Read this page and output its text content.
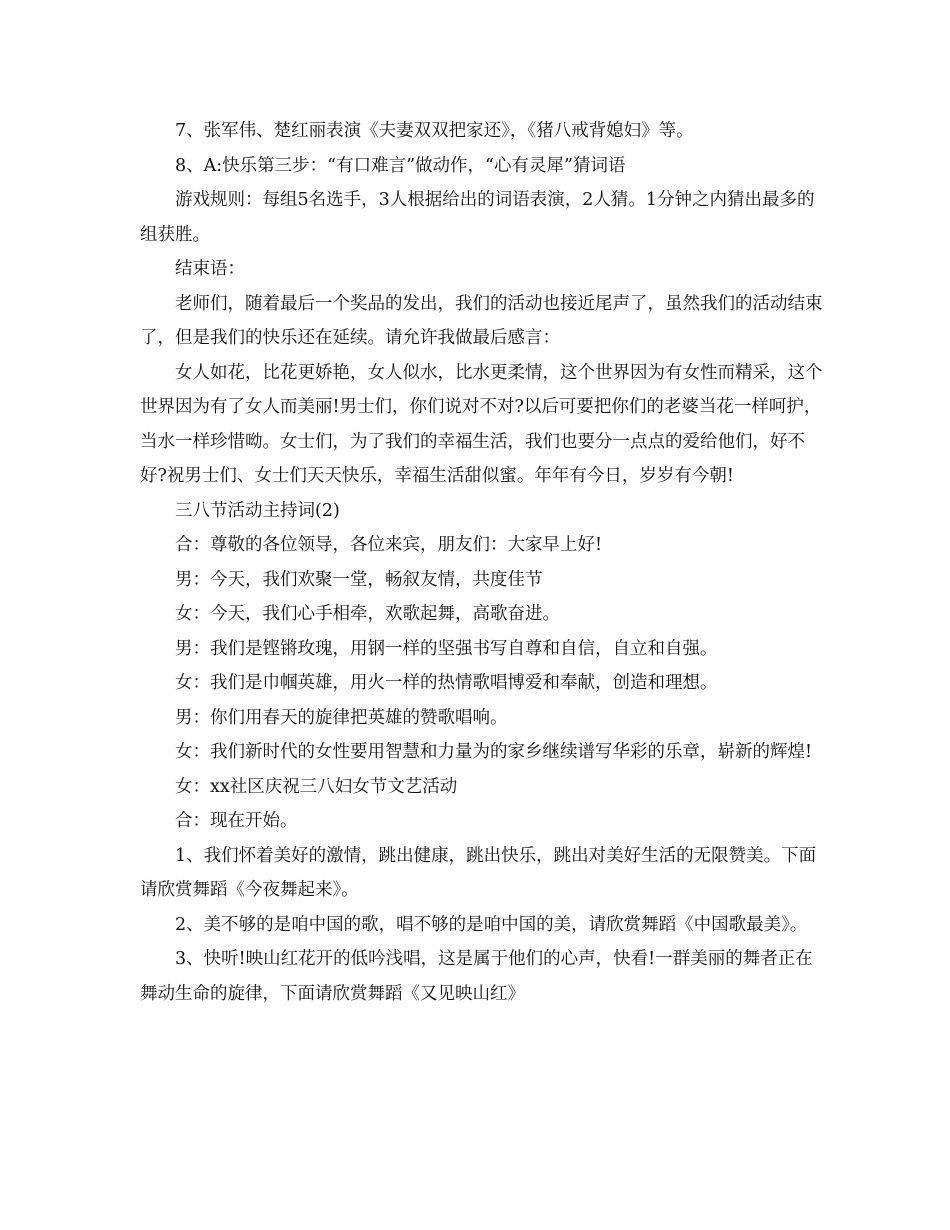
7、张军伟、楚红丽表演《夫妻双双把家还》，《猪八戒背媳妇》等。

8、A:快乐第三步：“有口难言”做动作，“心有灵犀”猜词语

游戏规则：每组5名选手，3人根据给出的词语表演，2人猜。1分钟之内猜出最多的组获胜。

结束语：

老师们，随着最后一个奖品的发出，我们的活动也接近尾声了，虽然我们的活动结束了，但是我们的快乐还在延续。请允许我做最后感言：

女人如花，比花更娇艳，女人似水，比水更柔情，这个世界因为有女性而精采，这个世界因为有了女人而美丽!男士们，你们说对不对?以后可要把你们的老婆当花一样呵护，当水一样珍惜呦。女士们，为了我们的幸福生活，我们也要分一点点的爱给他们，好不好?祝男士们、女士们天天快乐，幸福生活甜似蜜。年年有今日，岁岁有今朝!

三八节活动主持词(2)

合：尊敬的各位领导，各位来宾，朋友们：大家早上好!

男：今天，我们欢聚一堂，畅叙友情，共度佳节

女：今天，我们心手相牵，欢歌起舞，高歌奋进。

男：我们是铿锵玫瑰，用钢一样的坚强书写自尊和自信，自立和自强。

女：我们是巾帼英雄，用火一样的热情歌唱博爱和奉献，创造和理想。

男：你们用春天的旋律把英雄的赞歌唱响。

女：我们新时代的女性要用智慧和力量为的家乡继续谱写华彩的乐章，崭新的辉煌!

女：xx社区庆祝三八妇女节文艺活动

合：现在开始。

1、我们怀着美好的激情，跳出健康，跳出快乐，跳出对美好生活的无限赞美。下面请欣赏舞蹈《今夜舞起来》。

2、美不够的是咱中国的歌，唱不够的是咱中国的美，请欣赏舞蹈《中国歌最美》。

3、快听!映山红花开的低吟浅唱，这是属于他们的心声，快看!一群美丽的舞者正在舞动生命的旋律，下面请欣赏舞蹈《又见映山红》
